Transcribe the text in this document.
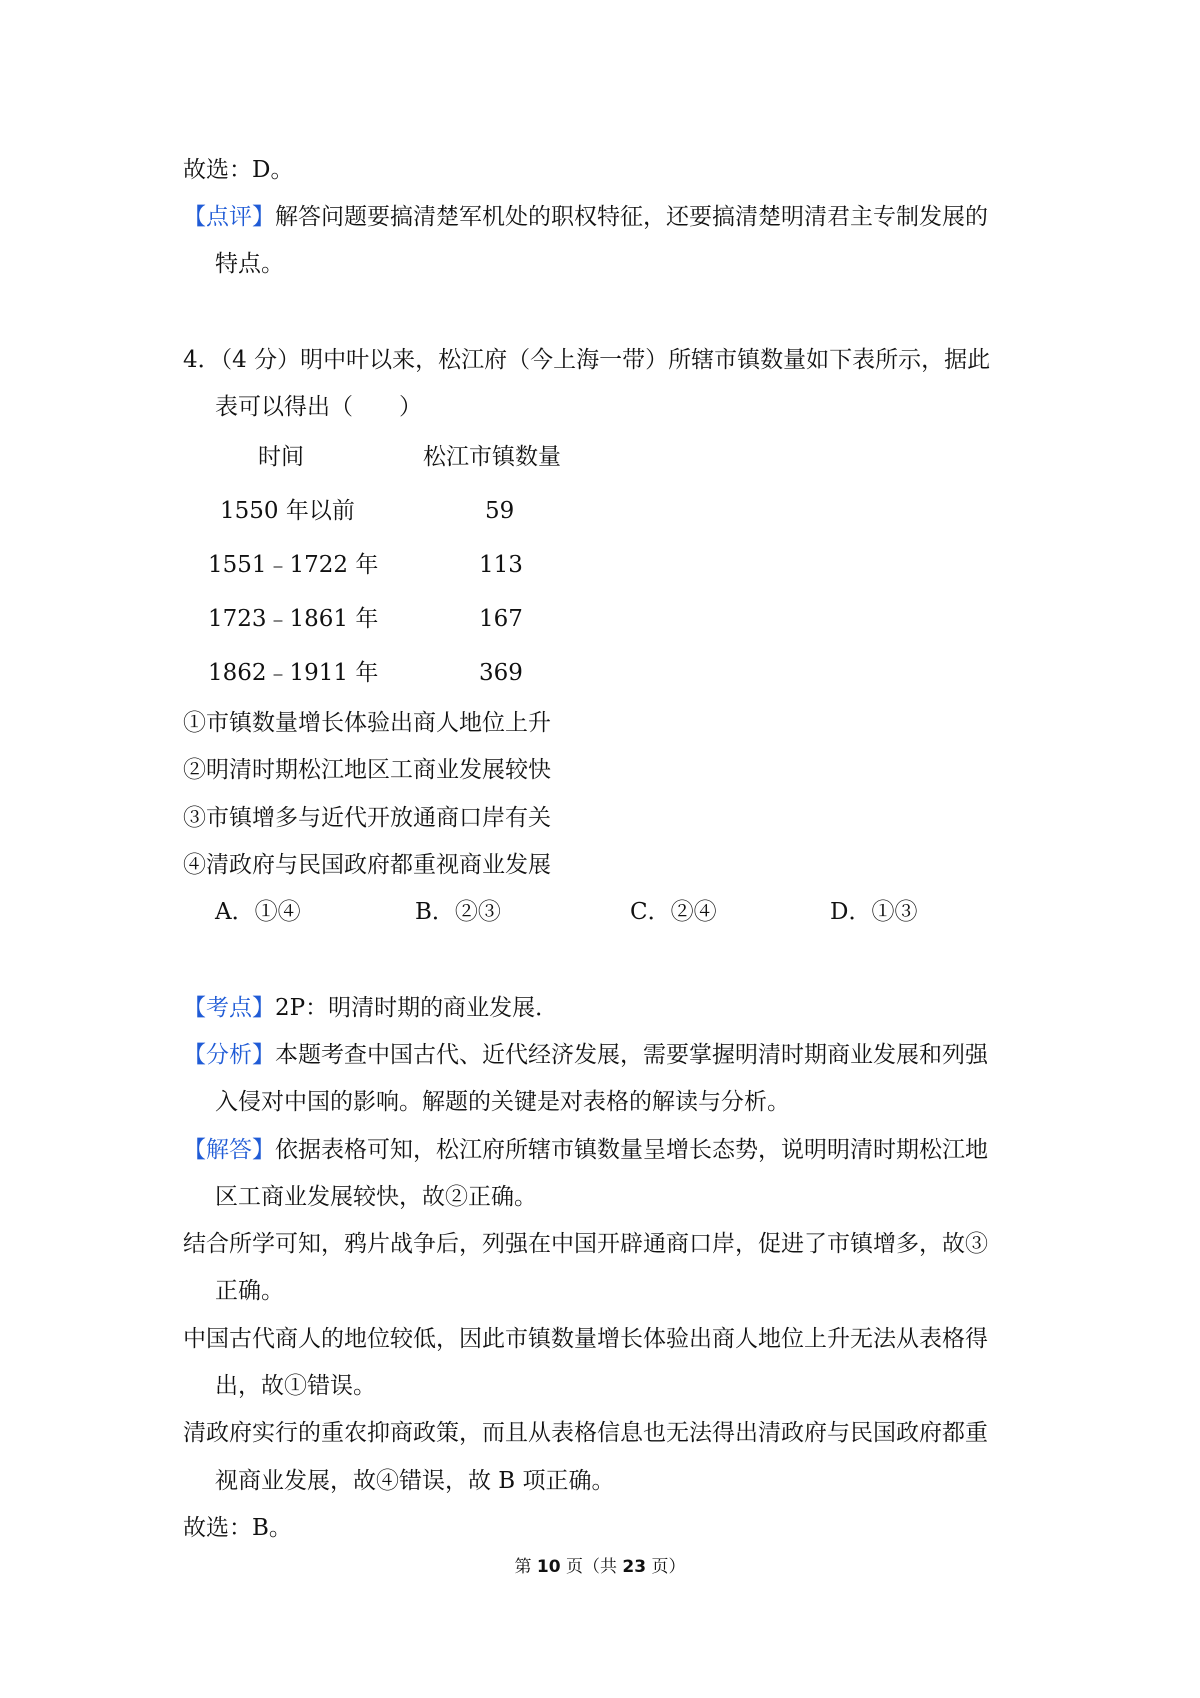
故选：D。
【点评】解答问题要搞清楚军机处的职权特征，还要搞清楚明清君主专制发展的
特点。
4．（4 分）明中叶以来，松江府（今上海一带）所辖市镇数量如下表所示，据此
表可以得出（　　）
时间	松江市镇数量
1550 年以前	59
1551﹣1722 年	113
1723﹣1861 年	167
1862﹣1911 年	369
①市镇数量增长体验出商人地位上升
②明清时期松江地区工商业发展较快
③市镇增多与近代开放通商口岸有关
④清政府与民国政府都重视商业发展
A．①④	B．②③	C．②④	D．①③
【考点】2P：明清时期的商业发展．
【分析】本题考查中国古代、近代经济发展，需要掌握明清时期商业发展和列强
入侵对中国的影响。解题的关键是对表格的解读与分析。
【解答】依据表格可知，松江府所辖市镇数量呈增长态势，说明明清时期松江地
区工商业发展较快，故②正确。
结合所学可知，鸦片战争后，列强在中国开辟通商口岸，促进了市镇增多，故③
正确。
中国古代商人的地位较低，因此市镇数量增长体验出商人地位上升无法从表格得
出，故①错误。
清政府实行的重农抑商政策，而且从表格信息也无法得出清政府与民国政府都重
视商业发展，故④错误，故 B 项正确。
故选：B。
第 10 页（共 23 页）
